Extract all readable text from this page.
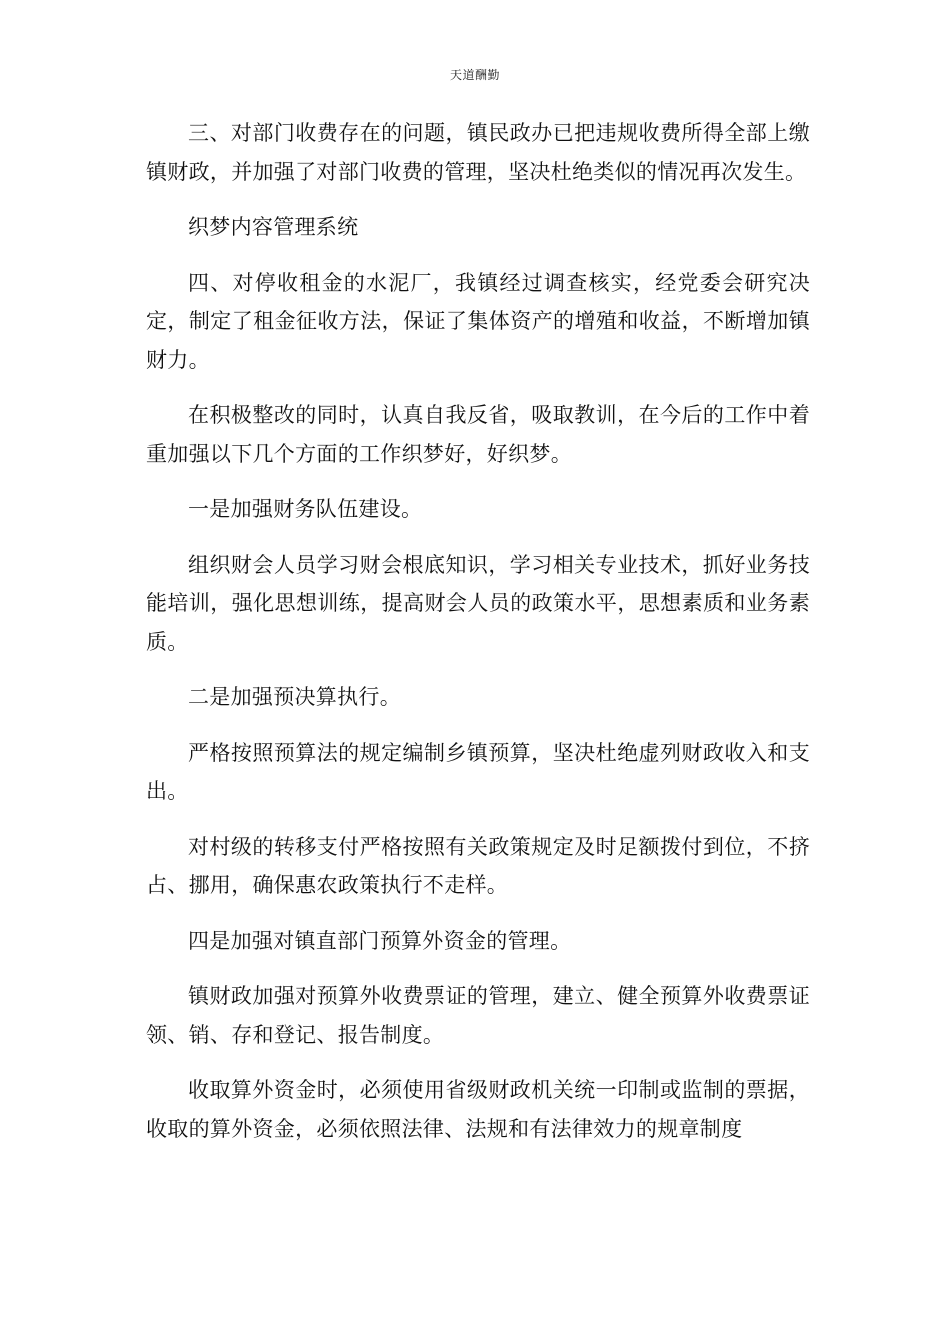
天道酬勤

三、对部门收费存在的问题，镇民政办已把违规收费所得全部上缴镇财政，并加强了对部门收费的管理，坚决杜绝类似的情况再次发生。

织梦内容管理系统

四、对停收租金的水泥厂，我镇经过调查核实，经党委会研究决定，制定了租金征收方法，保证了集体资产的增殖和收益，不断增加镇财力。

在积极整改的同时，认真自我反省，吸取教训，在今后的工作中着重加强以下几个方面的工作织梦好，好织梦。

一是加强财务队伍建设。

组织财会人员学习财会根底知识，学习相关专业技术，抓好业务技能培训，强化思想训练，提高财会人员的政策水平，思想素质和业务素质。

二是加强预决算执行。

严格按照预算法的规定编制乡镇预算，坚决杜绝虚列财政收入和支出。

对村级的转移支付严格按照有关政策规定及时足额拨付到位，不挤占、挪用，确保惠农政策执行不走样。

四是加强对镇直部门预算外资金的管理。

镇财政加强对预算外收费票证的管理，建立、健全预算外收费票证领、销、存和登记、报告制度。

收取算外资金时，必须使用省级财政机关统一印制或监制的票据，收取的算外资金，必须依照法律、法规和有法律效力的规章制度
